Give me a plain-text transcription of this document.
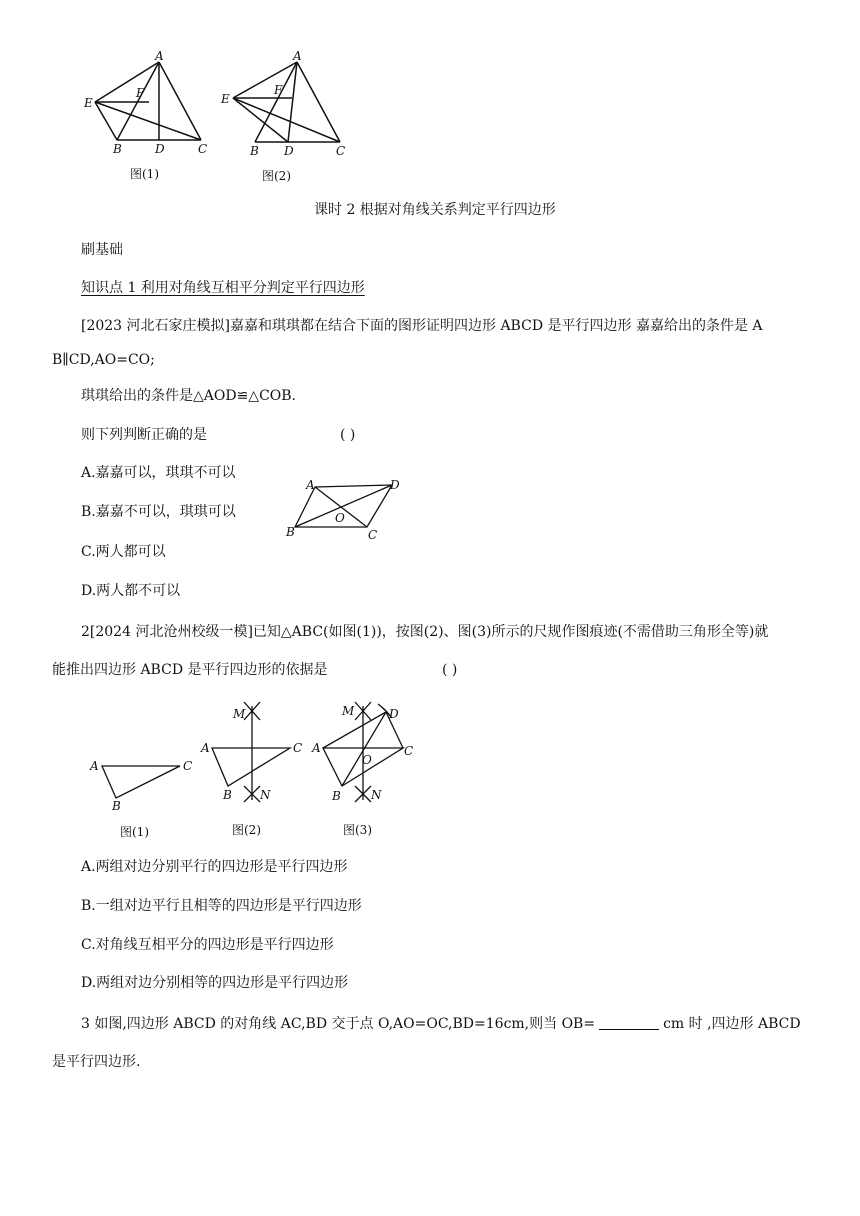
A
E
F
B	D	C
图(1)
A
E
F
B D	C
图(2)
课时 2 根据对角线关系判定平行四边形
刷基础
知识点 1 利用对角线互相平分判定平行四边形
[2023 河北石家庄模拟]嘉嘉和琪琪都在结合下面的图形证明四边形 ABCD 是平行四边形 嘉嘉给出的条件是 A
B∥CD,AO=CO;
琪琪给出的条件是△AOD≌△COB.
则下列判断正确的是	( )
A.嘉嘉可以，琪琪不可以
B.嘉嘉不可以，琪琪可以
C.两人都可以
D.两人都不可以
A	D
O
B	C
2[2024 河北沧州校级一模]已知△ABC(如图(1))，按图(2)、图(3)所示的尺规作图痕迹(不需借助三角形全等)就
能推出四边形 ABCD 是平行四边形的依据是	( )
A
B
C
M
A	C
B N
M	D
A
O
C
B	N
图(1)	图(2)	图(3)
A.两组对边分别平行的四边形是平行四边形
B.一组对边平行且相等的四边形是平行四边形
C.对角线互相平分的四边形是平行四边形
D.两组对边分别相等的四边形是平行四边形
3 如图,四边形 ABCD 的对角线 AC,BD 交于点 O,AO=OC,BD=16cm,则当 OB=	cm 时 ,四边形 ABCD
是平行四边形.
